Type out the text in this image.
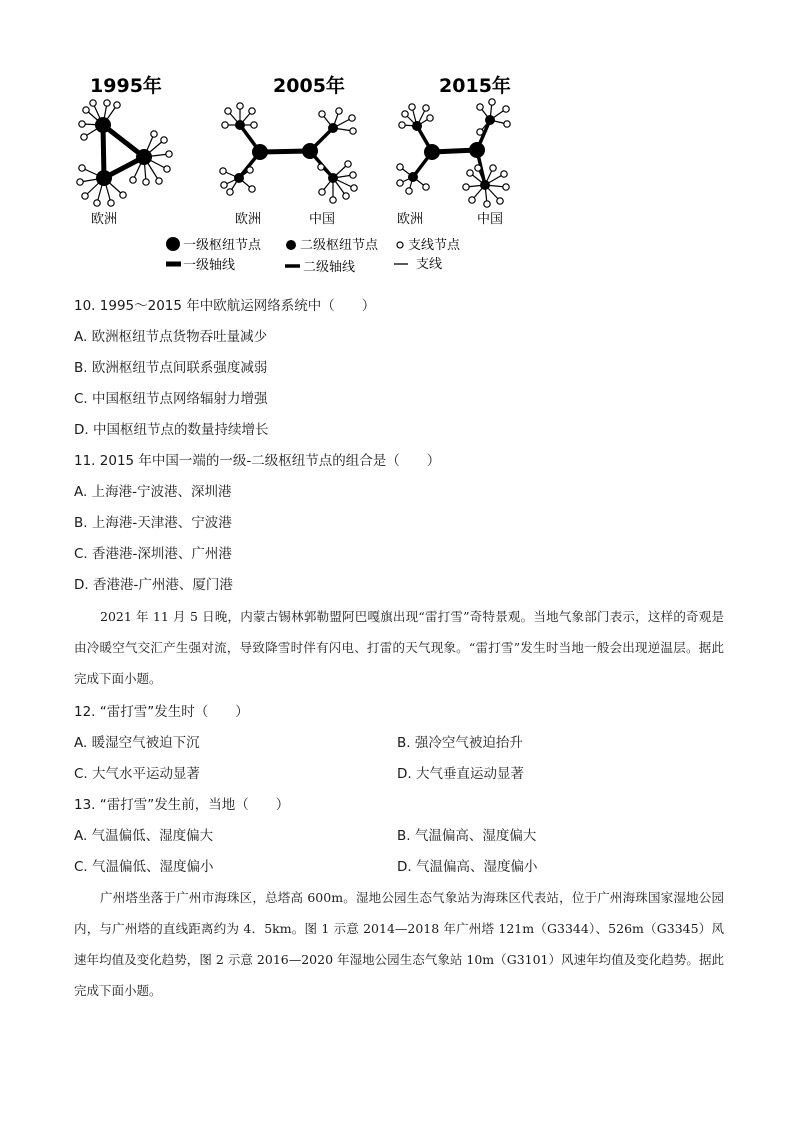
1995年	2005年	2015年
欧洲	欧洲	中国	欧洲	中国
一级枢纽节点	二级枢纽节点 支线节点
一级轴线	二级轴线	支线
10. 1995～2015 年中欧航运网络系统中（　　）
A. 欧洲枢纽节点货物吞吐量减少
B. 欧洲枢纽节点间联系强度减弱
C. 中国枢纽节点网络辐射力增强
D. 中国枢纽节点的数量持续增长
11. 2015 年中国一端的一级-二级枢纽节点的组合是（　　）
A. 上海港-宁波港、深圳港
B. 上海港-天津港、宁波港
C. 香港港-深圳港、广州港
D. 香港港-广州港、厦门港

2021 年 11 月 5 日晚，内蒙古锡林郭勒盟阿巴嘎旗出现“雷打雪”奇特景观。当地气象部门表示，这样的奇观是由冷暖空气交汇产生强对流，导致降雪时伴有闪电、打雷的天气现象。“雷打雪”发生时当地一般会出现逆温层。据此完成下面小题。

12. “雷打雪”发生时（　　）
A. 暖湿空气被迫下沉	B. 强冷空气被迫抬升
C. 大气水平运动显著	D. 大气垂直运动显著
13. “雷打雪”发生前，当地（　　）
A. 气温偏低、湿度偏大	B. 气温偏高、湿度偏大
C. 气温偏低、湿度偏小	D. 气温偏高、湿度偏小

广州塔坐落于广州市海珠区，总塔高 600m。湿地公园生态气象站为海珠区代表站，位于广州海珠国家湿地公园内，与广州塔的直线距离约为 4．5km。图 1 示意 2014—2018 年广州塔 121m（G3344）、526m（G3345）风速年均值及变化趋势，图 2 示意 2016—2020 年湿地公园生态气象站 10m（G3101）风速年均值及变化趋势。据此完成下面小题。
